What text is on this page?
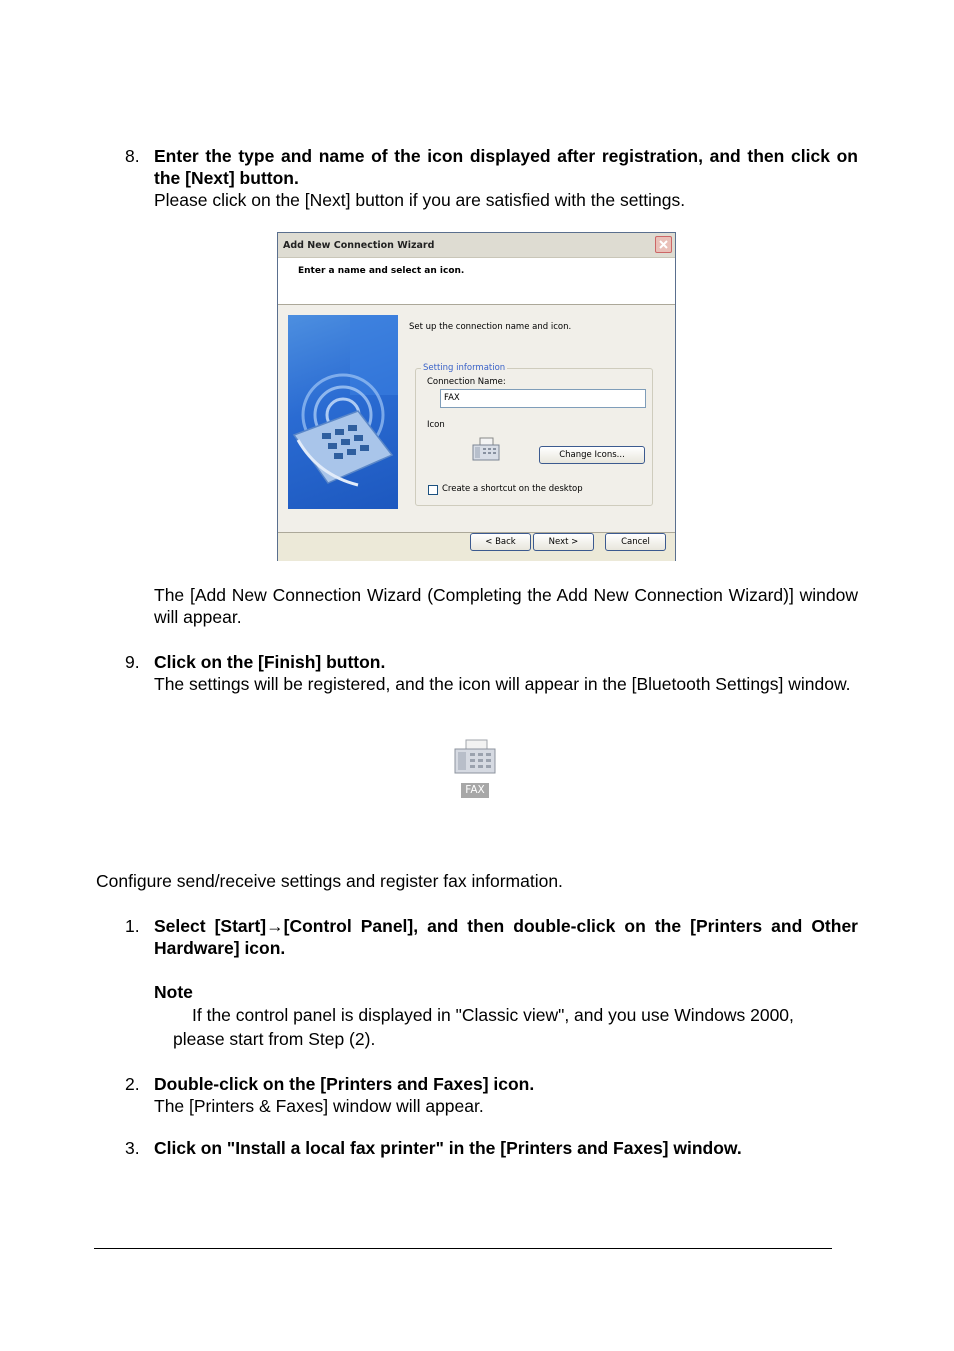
8. Enter the type and name of the icon displayed after registration, and then click on the [Next] button.
Please click on the [Next] button if you are satisfied with the settings.
Add New Connection Wizard
Enter a name and select an icon.
Set up the connection name and icon.
Setting information
Connection Name:
FAX
Icon
Change Icons...
Create a shortcut on the desktop
< Back	Next >	Cancel
The [Add New Connection Wizard (Completing the Add New Connection Wizard)] window will appear.
9. Click on the [Finish] button.
The settings will be registered, and the icon will appear in the [Bluetooth Settings] window.
FAX
Configure send/receive settings and register fax information.
1. Select [Start]→[Control Panel], and then double-click on the [Printers and Other Hardware] icon.
Note
If the control panel is displayed in "Classic view", and you use Windows 2000,
please start from Step (2).
2. Double-click on the [Printers and Faxes] icon.
The [Printers & Faxes] window will appear.
3. Click on "Install a local fax printer" in the [Printers and Faxes] window.
